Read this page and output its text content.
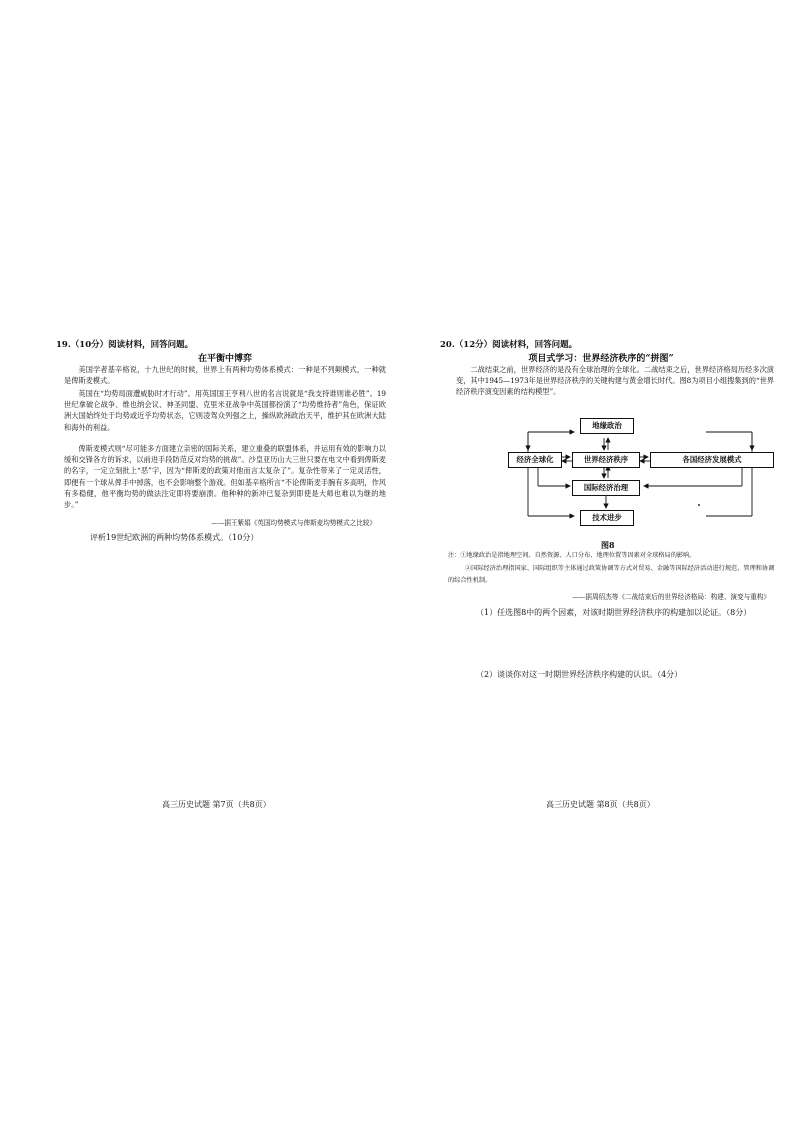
19.（10分）阅读材料，回答问题。
在平衡中博弈

美国学者基辛格说，十九世纪的时候，世界上有两种均势体系模式：一种是不列颠模式，一种就是俾斯麦模式。

英国在“均势局面遭威胁时才行动”。用英国国王亨利八世的名言说就是“我支持谁则谁必胜”。19世纪拿破仑战争、维也纳会议、神圣同盟、克里米亚战争中英国都扮演了“均势维持者”角色，保证欧洲大国始终处于均势或近乎均势状态，它则凌驾众列强之上，操纵欧洲政治天平，维护其在欧洲大陆和海外的利益。

俾斯麦模式则“尽可能多方面建立亲密的国际关系，建立重叠的联盟体系，并运用有效的影响力以缓和交锋各方的诉求，以前进手段防范反对均势的挑战”。沙皇亚历山大三世只要在电文中看到俾斯麦的名字，一定立刻批上“恶”字，因为“俾斯麦的政策对他而言太复杂了”。复杂性带来了一定灵活性，即便有一个球从俾手中掉落，也不会影响整个游戏。但如基辛格所言“不论俾斯麦手腕有多高明，作风有多稳健，他平衡均势的做法注定即将要崩溃。他种种的新冲已复杂到即使是大师也难以为继的地步。”

——据王紫娟《英国均势模式与俾斯麦均势模式之比较》
评析19世纪欧洲的两种均势体系模式。（10分）
高三历史试题 第7页（共8页）
20.（12分）阅读材料，回答问题。
项目式学习：世界经济秩序的“拼图”

二战结束之前，世界经济的是没有全球治理的全球化。二战结束之后，世界经济格局历经多次演变，其中1945—1973年是世界经济秩序的关键构建与黄金增长时代。图8为项目小组搜集到的“世界经济秩序演变因素的结构模型”。

地缘政治
经济全球化	世界经济秩序	各国经济发展模式
国际经济治理
技术进步
图8

注：①地缘政治是指地理空间、自然资源、人口分布、地理位置等因素对全球格局的影响。

②国际经济治理指国家、国际组织等主体通过政策协调等方式对贸易、金融等国际经济活动进行规范、管理和协调的综合性机制。

——据周绍杰等《二战结束后的世界经济格局：构建、演变与重构》
（1）任选图8中的两个因素，对该时期世界经济秩序的构建加以论证。（8分）
（2）谈谈你对这一时期世界经济秩序构建的认识。（4分）
高三历史试题 第8页（共8页）
